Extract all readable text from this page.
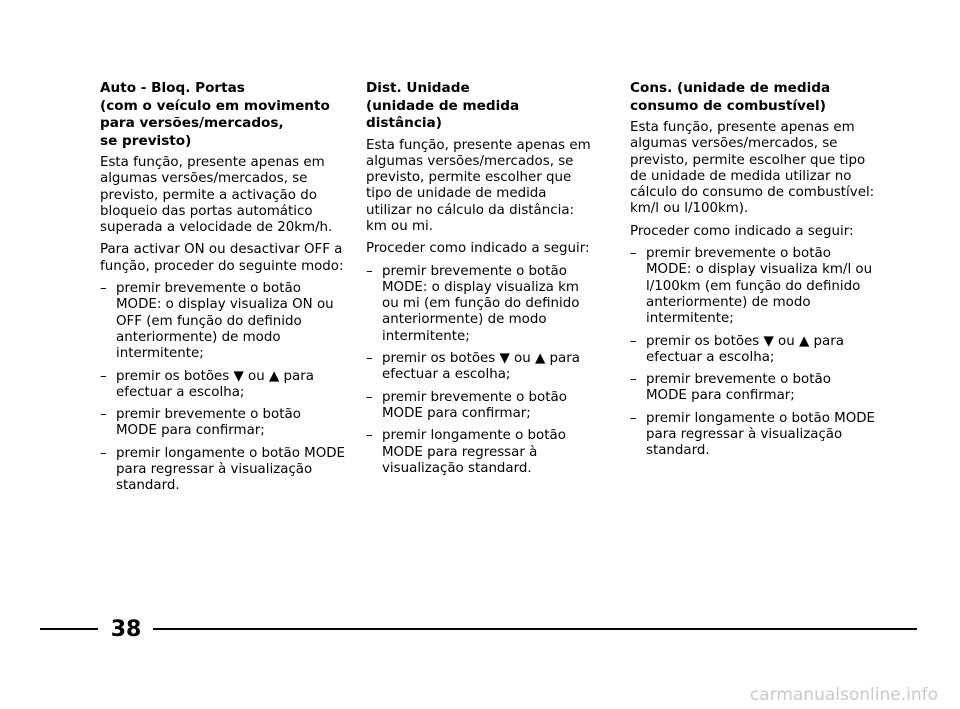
Auto - Bloq. Portas
(com o veículo em movimento
para versões/mercados,
se previsto)

Esta função, presente apenas em algumas versões/mercados, se previsto, permite a activação do bloqueio das portas automático superada a velocidade de 20km/h.

Para activar ON ou desactivar OFF a função, proceder do seguinte modo:

– premir brevemente o botão MODE: o display visualiza ON ou OFF (em função do definido anteriormente) de modo intermitente;
– premir os botões ▼ ou ▲ para efectuar a escolha;
– premir brevemente o botão MODE para confirmar;
– premir longamente o botão MODE para regressar à visualização standard.
Dist. Unidade
(unidade de medida distância)

Esta função, presente apenas em algumas versões/mercados, se previsto, permite escolher que tipo de unidade de medida utilizar no cálculo da distância: km ou mi.

Proceder como indicado a seguir:

– premir brevemente o botão MODE: o display visualiza km ou mi (em função do definido anteriormente) de modo intermitente;
– premir os botões ▼ ou ▲ para efectuar a escolha;
– premir brevemente o botão MODE para confirmar;
– premir longamente o botão MODE para regressar à visualização standard.
Cons. (unidade de medida
consumo de combustível)

Esta função, presente apenas em algumas versões/mercados, se previsto, permite escolher que tipo de unidade de medida utilizar no cálculo do consumo de combustível: km/l ou l/100km).

Proceder como indicado a seguir:

– premir brevemente o botão MODE: o display visualiza km/l ou l/100km (em função do definido anteriormente) de modo intermitente;
– premir os botões ▼ ou ▲ para efectuar a escolha;
– premir brevemente o botão MODE para confirmar;
– premir longamente o botão MODE para regressar à visualização standard.
38
carmanualsonline.info
